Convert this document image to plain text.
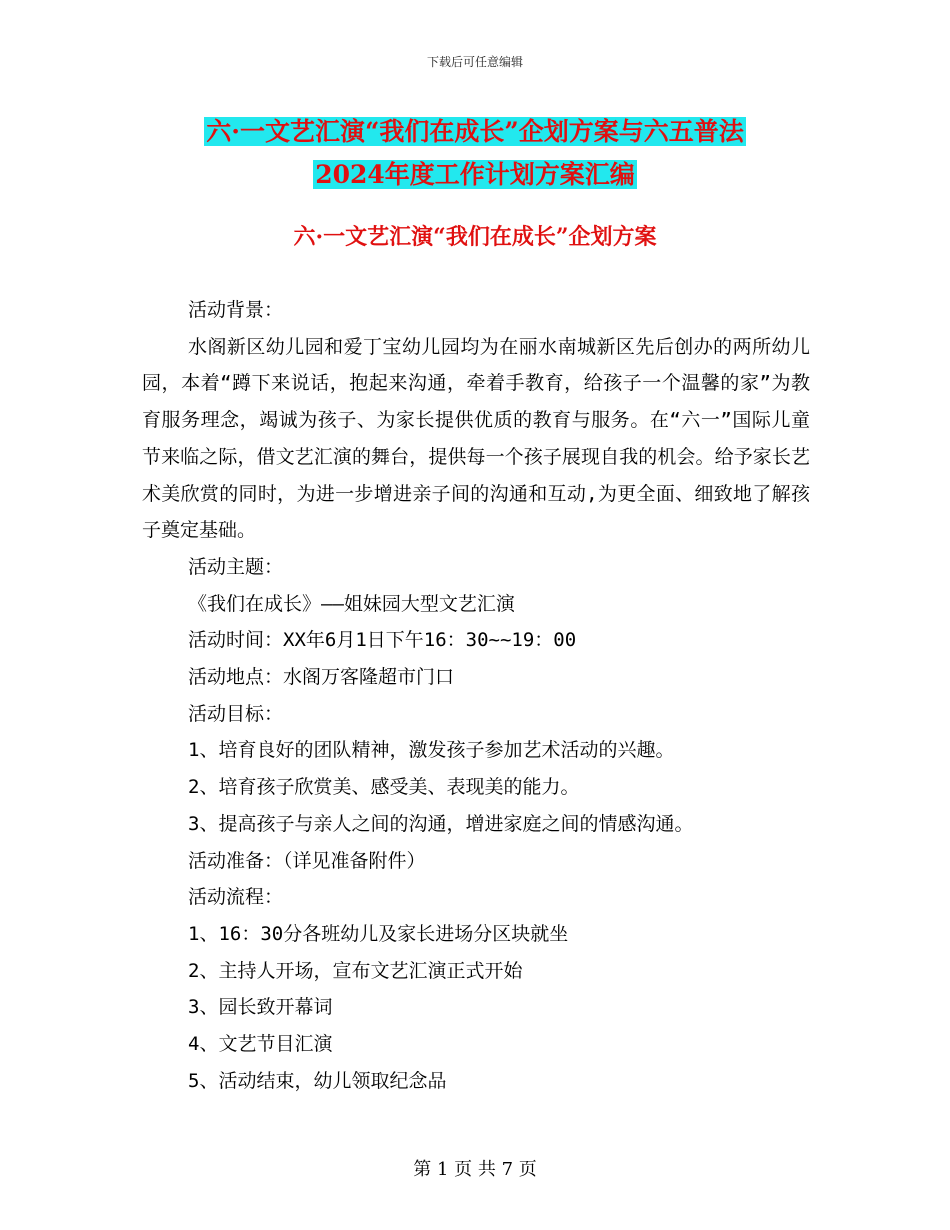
下载后可任意编辑
六·一文艺汇演“我们在成长”企划方案与六五普法
2024年度工作计划方案汇编
六·一文艺汇演“我们在成长”企划方案

活动背景：

水阁新区幼儿园和爱丁宝幼儿园均为在丽水南城新区先后创办的两所幼儿园，本着“蹲下来说话，抱起来沟通，牵着手教育，给孩子一个温馨的家”为教育服务理念，竭诚为孩子、为家长提供优质的教育与服务。在“六一”国际儿童节来临之际，借文艺汇演的舞台，提供每一个孩子展现自我的机会。给予家长艺术美欣赏的同时，为进一步增进亲子间的沟通和互动,为更全面、细致地了解孩子奠定基础。

活动主题：

《我们在成长》——姐妹园大型文艺汇演

活动时间：XX年6月1日下午16：30~~19：00

活动地点：水阁万客隆超市门口

活动目标：

1、培育良好的团队精神，激发孩子参加艺术活动的兴趣。

2、培育孩子欣赏美、感受美、表现美的能力。

3、提高孩子与亲人之间的沟通，增进家庭之间的情感沟通。

活动准备：（详见准备附件）

活动流程：

1、16：30分各班幼儿及家长进场分区块就坐

2、主持人开场，宣布文艺汇演正式开始

3、园长致开幕词

4、文艺节目汇演

5、活动结束，幼儿领取纪念品

第 1 页 共 7 页
